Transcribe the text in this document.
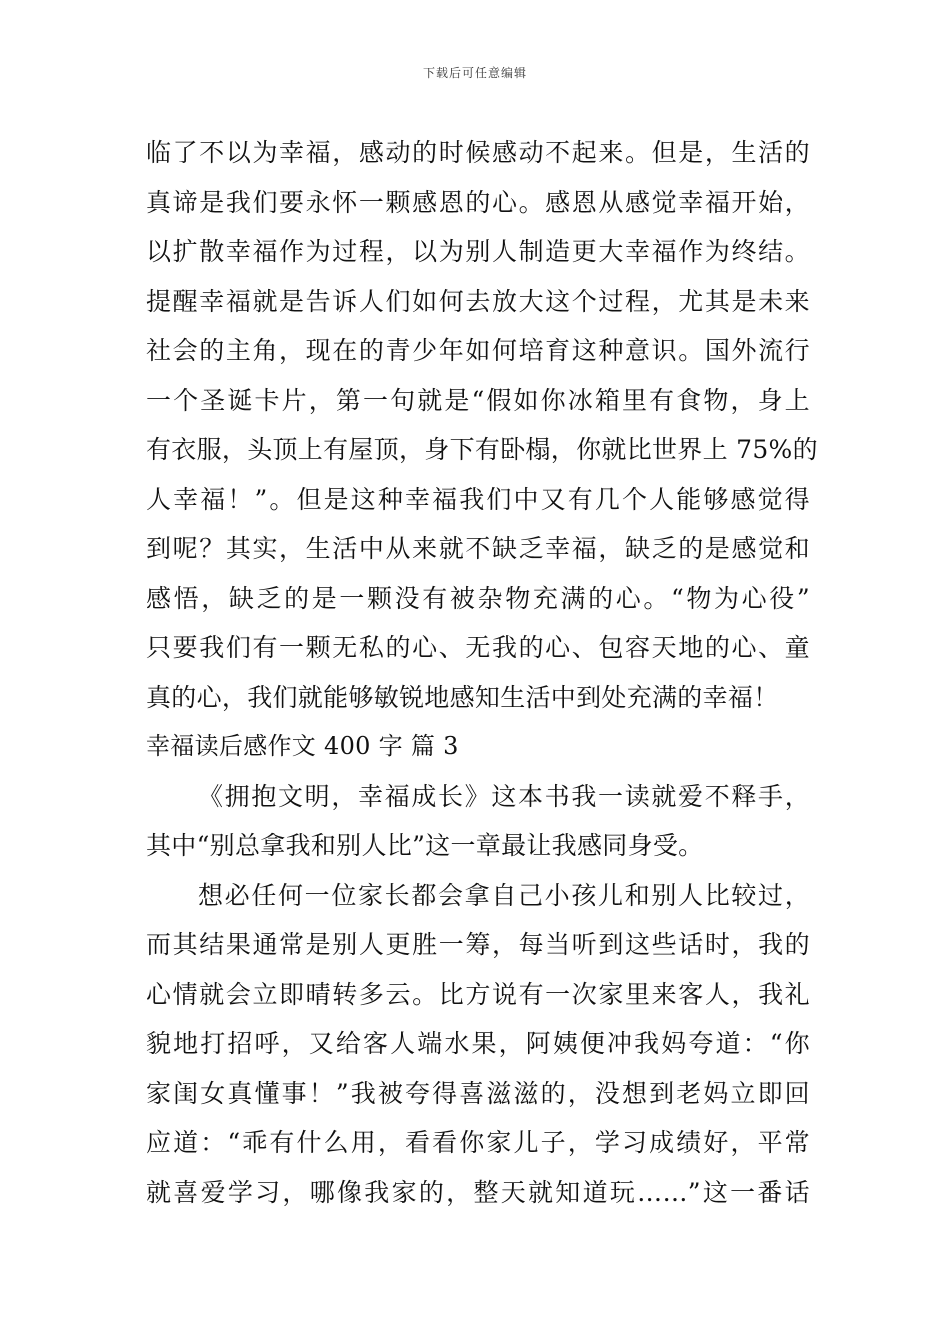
下载后可任意编辑
临了不以为幸福，感动的时候感动不起来。但是，生活的
真谛是我们要永怀一颗感恩的心。感恩从感觉幸福开始，
以扩散幸福作为过程，以为别人制造更大幸福作为终结。
提醒幸福就是告诉人们如何去放大这个过程，尤其是未来
社会的主角，现在的青少年如何培育这种意识。国外流行
一个圣诞卡片，第一句就是“假如你冰箱里有食物，身上
有衣服，头顶上有屋顶，身下有卧榻，你就比世界上 75%的
人幸福！”。但是这种幸福我们中又有几个人能够感觉得
到呢？其实，生活中从来就不缺乏幸福，缺乏的是感觉和
感悟，缺乏的是一颗没有被杂物充满的心。“物为心役”
只要我们有一颗无私的心、无我的心、包容天地的心、童
真的心，我们就能够敏锐地感知生活中到处充满的幸福！
幸福读后感作文 400 字 篇 3
《拥抱文明，幸福成长》这本书我一读就爱不释手，
其中“别总拿我和别人比”这一章最让我感同身受。
想必任何一位家长都会拿自己小孩儿和别人比较过，
而其结果通常是别人更胜一筹，每当听到这些话时，我的
心情就会立即晴转多云。比方说有一次家里来客人，我礼
貌地打招呼，又给客人端水果，阿姨便冲我妈夸道：“你
家闺女真懂事！”我被夸得喜滋滋的，没想到老妈立即回
应道：“乖有什么用，看看你家儿子，学习成绩好，平常
就喜爱学习，哪像我家的，整天就知道玩……”这一番话
